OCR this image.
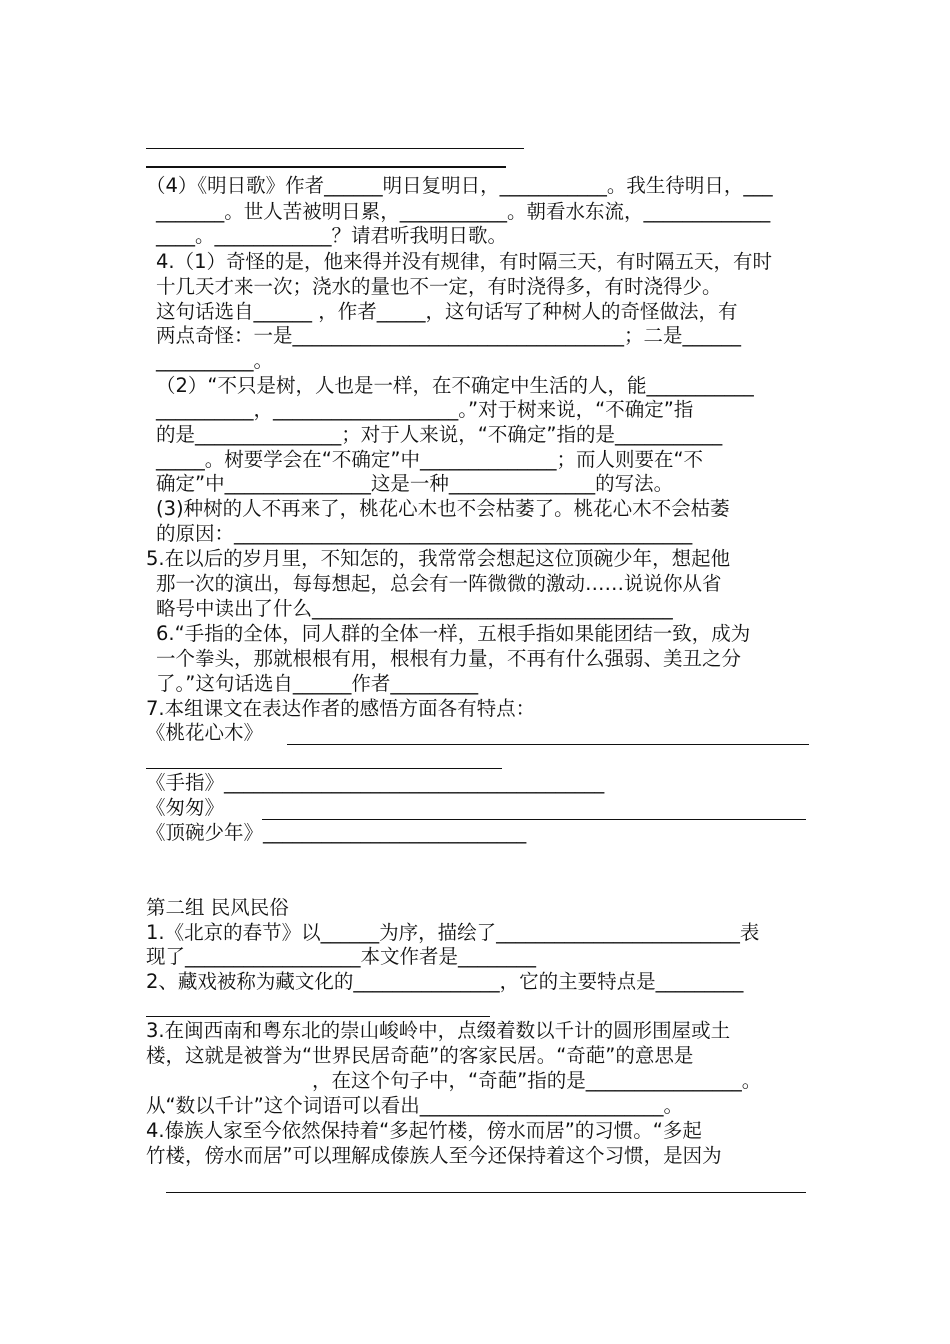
（4）《明日歌》作者______明日复明日，___________。我生待明日，___
_______。世人苦被明日累，___________。朝看水东流，_____________
____。____________？请君听我明日歌。
4.（1）奇怪的是，他来得并没有规律，有时隔三天，有时隔五天，有时
十几天才来一次；浇水的量也不一定，有时浇得多，有时浇得少。
这句话选自______ ，作者_____，这句话写了种树人的奇怪做法，有
两点奇怪：一是__________________________________；二是______
__________。
（2）“不只是树，人也是一样，在不确定中生活的人，能___________
__________，___________________。”对于树来说，“不确定”指
的是_______________；对于人来说，“不确定”指的是___________
_____。树要学会在“不确定”中______________；而人则要在“不
确定”中_______________这是一种_______________的写法。
(3)种树的人不再来了，桃花心木也不会枯萎了。桃花心木不会枯萎
的原因：_______________________________________________
5.在以后的岁月里，不知怎的，我常常会想起这位顶碗少年，想起他
那一次的演出，每每想起，总会有一阵微微的激动……说说你从省
略号中读出了什么_____________________________________
6.“手指的全体，同人群的全体一样，五根手指如果能团结一致，成为
一个拳头，那就根根有用，根根有力量，不再有什么强弱、美丑之分
了。”这句话选自______作者_________
7.本组课文在表达作者的感悟方面各有特点：
《桃花心木》
《手指》_______________________________________
《匆匆》
《顶碗少年》___________________________
第二组 民风民俗
1.《北京的春节》以______为序，描绘了_________________________表
现了__________________本文作者是________
2、藏戏被称为藏文化的_______________，它的主要特点是_________
3.在闽西南和粤东北的崇山峻岭中，点缀着数以千计的圆形围屋或土
楼，这就是被誉为“世界民居奇葩”的客家民居。“奇葩”的意思是
，在这个句子中，“奇葩”指的是________________。
从“数以千计”这个词语可以看出_________________________。
4.傣族人家至今依然保持着“多起竹楼，傍水而居”的习惯。“多起
竹楼，傍水而居”可以理解成傣族人至今还保持着这个习惯，是因为
